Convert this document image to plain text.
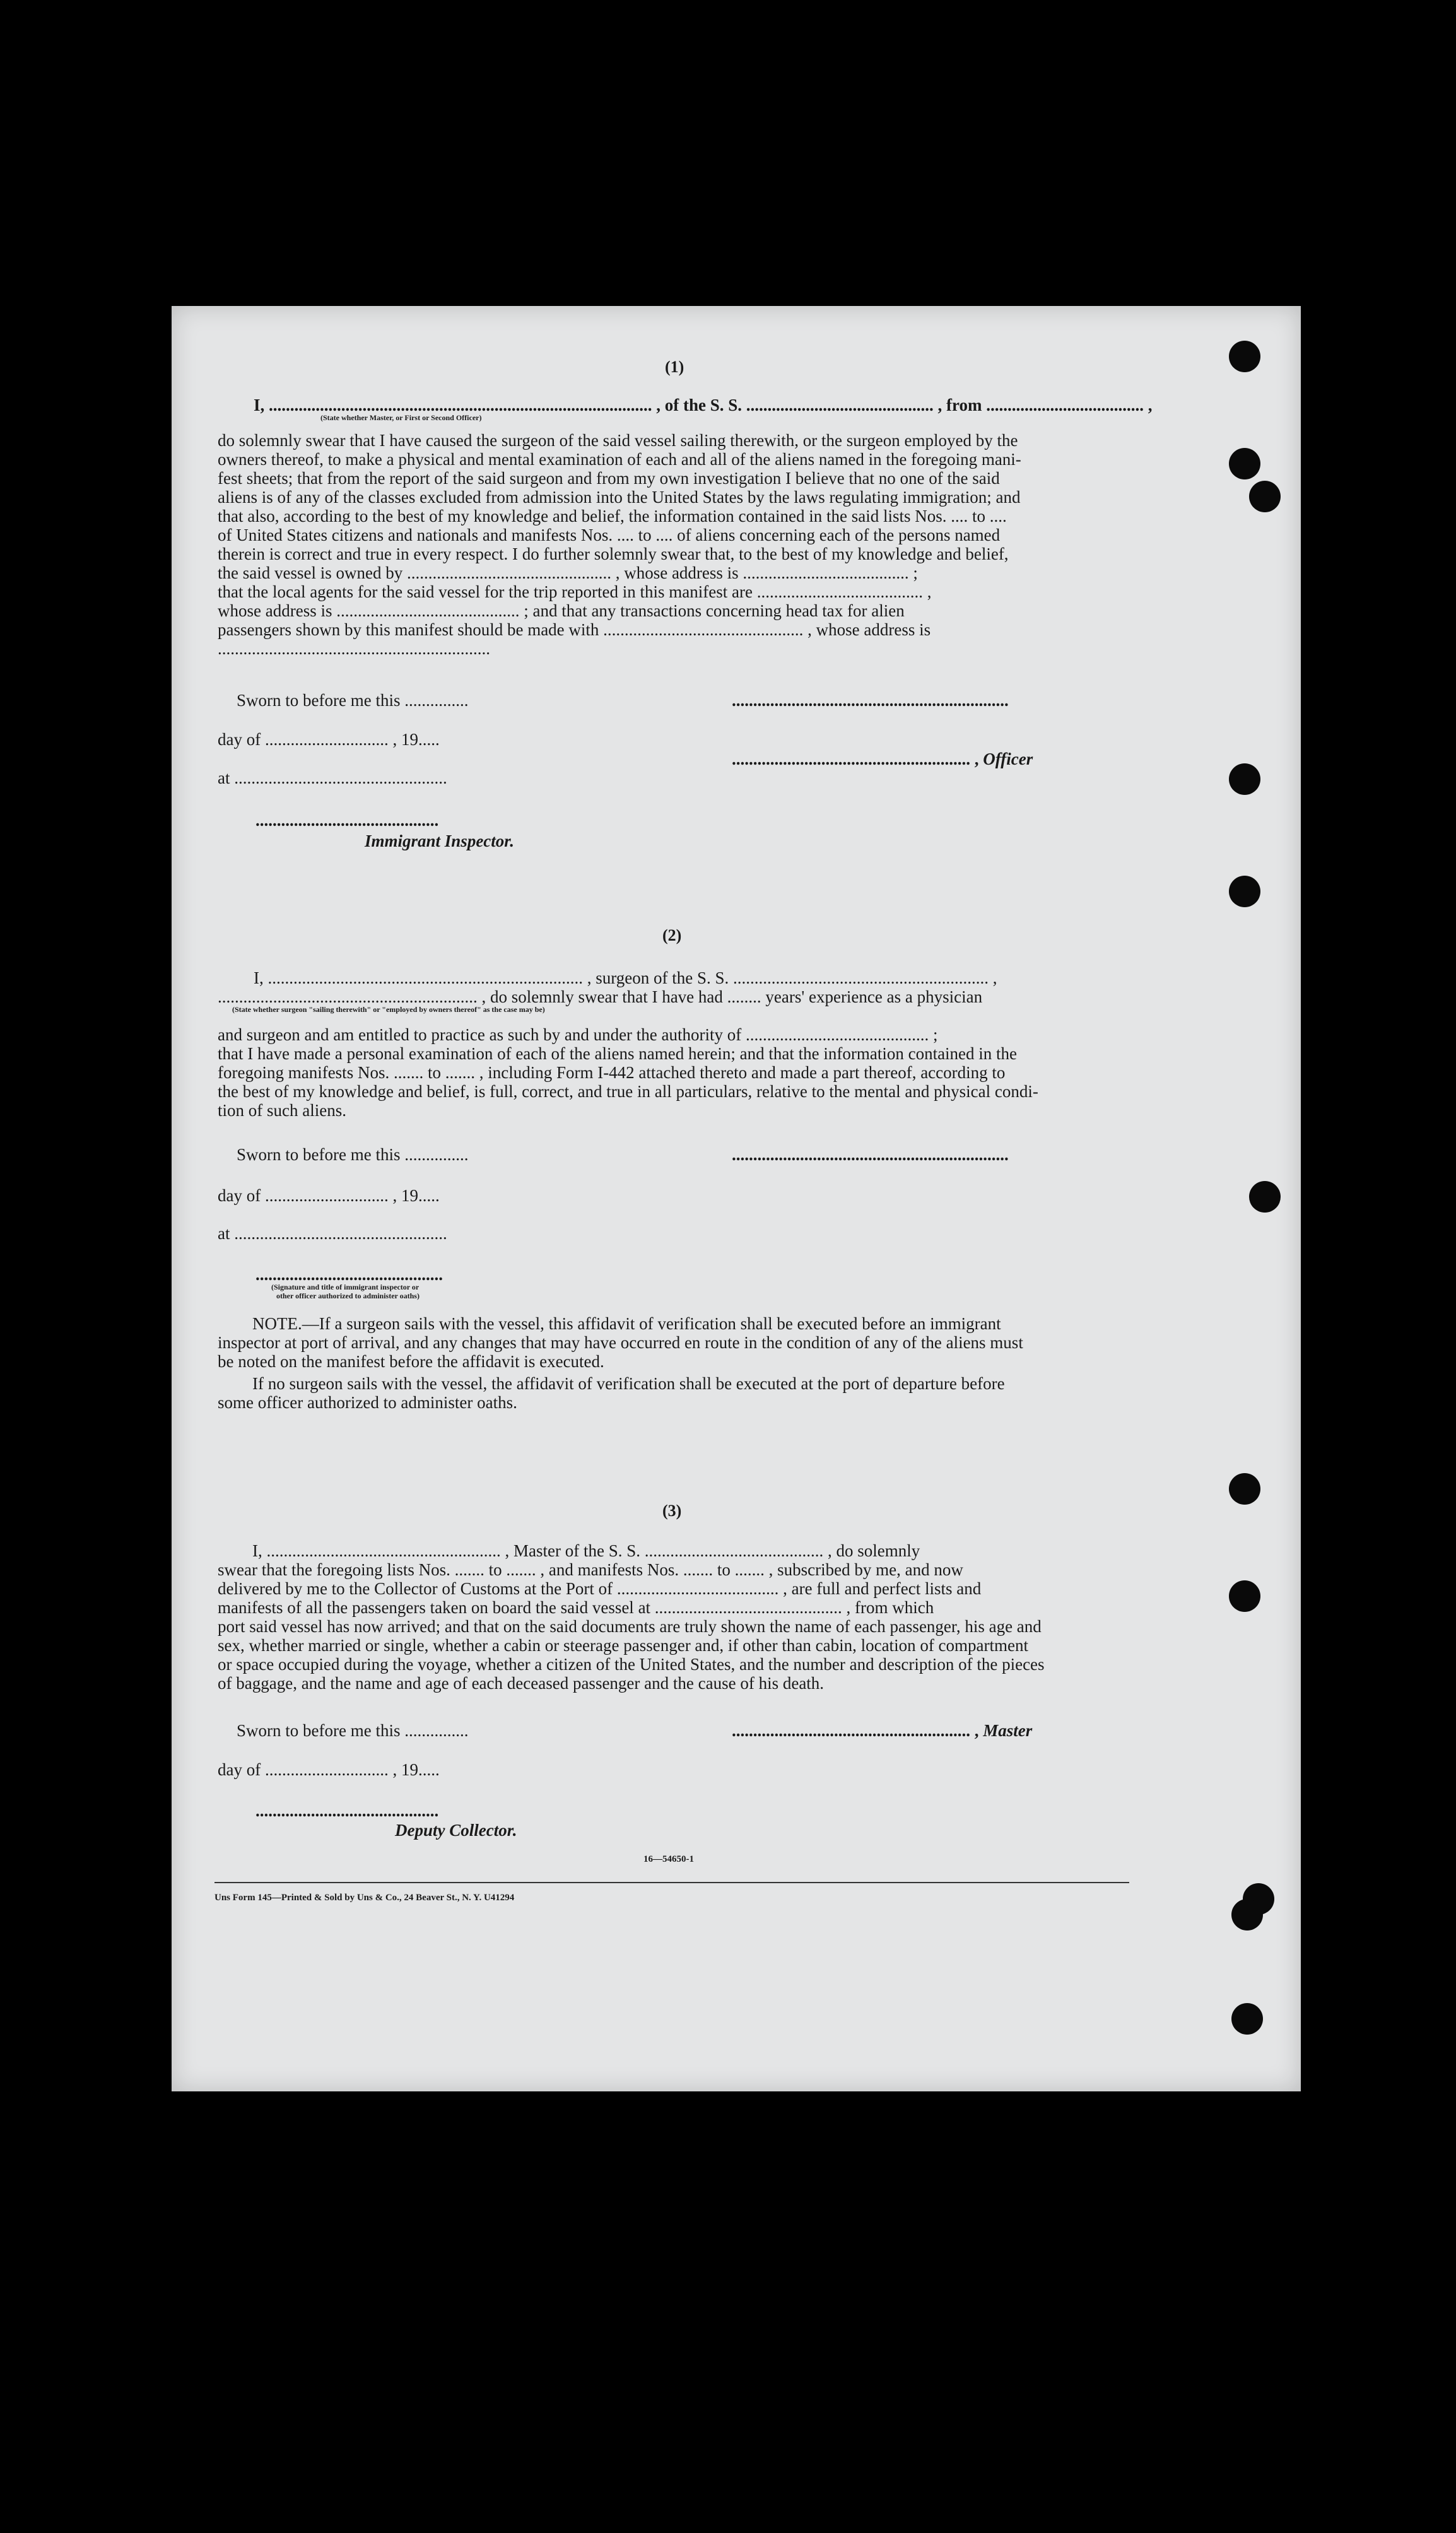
(1)
I, .......................................................................................... , of the S. S. ............................................ , from ..................................... ,
(State whether Master, or First or Second Officer)
do solemnly swear that I have caused the surgeon of the said vessel sailing therewith, or the surgeon employed by the
owners thereof, to make a physical and mental examination of each and all of the aliens named in the foregoing mani-
fest sheets; that from the report of the said surgeon and from my own investigation I believe that no one of the said
aliens is of any of the classes excluded from admission into the United States by the laws regulating immigration; and
that also, according to the best of my knowledge and belief, the information contained in the said lists Nos. .... to ....
of United States citizens and nationals and manifests Nos. .... to .... of aliens concerning each of the persons named
therein is correct and true in every respect. I do further solemnly swear that, to the best of my knowledge and belief,
the said vessel is owned by ................................................ , whose address is ....................................... ;
that the local agents for the said vessel for the trip reported in this manifest are ....................................... ,
whose address is ........................................... ; and that any transactions concerning head tax for alien
passengers shown by this manifest should be made with ............................................... , whose address is
................................................................
Sworn to before me this ...............	.................................................................
day of ............................. , 19.....
........................................................ , Officer
at ..................................................
...........................................
Immigrant Inspector.
(2)
I, .......................................................................... , surgeon of the S. S. ............................................................ ,
............................................................. , do solemnly swear that I have had ........ years' experience as a physician
(State whether surgeon "sailing therewith" or "employed by owners thereof" as the case may be)
and surgeon and am entitled to practice as such by and under the authority of ........................................... ;
that I have made a personal examination of each of the aliens named herein; and that the information contained in the
foregoing manifests Nos. ....... to ....... , including Form I-442 attached thereto and made a part thereof, according to
the best of my knowledge and belief, is full, correct, and true in all particulars, relative to the mental and physical condi-
tion of such aliens.
Sworn to before me this ...............	.................................................................
day of ............................. , 19.....
at ..................................................
............................................
(Signature and title of immigrant inspector or
other officer authorized to administer oaths)
NOTE.—If a surgeon sails with the vessel, this affidavit of verification shall be executed before an immigrant
inspector at port of arrival, and any changes that may have occurred en route in the condition of any of the aliens must
be noted on the manifest before the affidavit is executed.
If no surgeon sails with the vessel, the affidavit of verification shall be executed at the port of departure before
some officer authorized to administer oaths.
(3)
I, ....................................................... , Master of the S. S. .......................................... , do solemnly
swear that the foregoing lists Nos. ....... to ....... , and manifests Nos. ....... to ....... , subscribed by me, and now
delivered by me to the Collector of Customs at the Port of ...................................... , are full and perfect lists and
manifests of all the passengers taken on board the said vessel at ............................................ , from which
port said vessel has now arrived; and that on the said documents are truly shown the name of each passenger, his age and
sex, whether married or single, whether a cabin or steerage passenger and, if other than cabin, location of compartment
or space occupied during the voyage, whether a citizen of the United States, and the number and description of the pieces
of baggage, and the name and age of each deceased passenger and the cause of his death.
Sworn to before me this ...............	........................................................ , Master
day of ............................. , 19.....
...........................................
Deputy Collector.
16—54650-1
Uns Form 145—Printed & Sold by Uns & Co., 24 Beaver St., N. Y. U41294
